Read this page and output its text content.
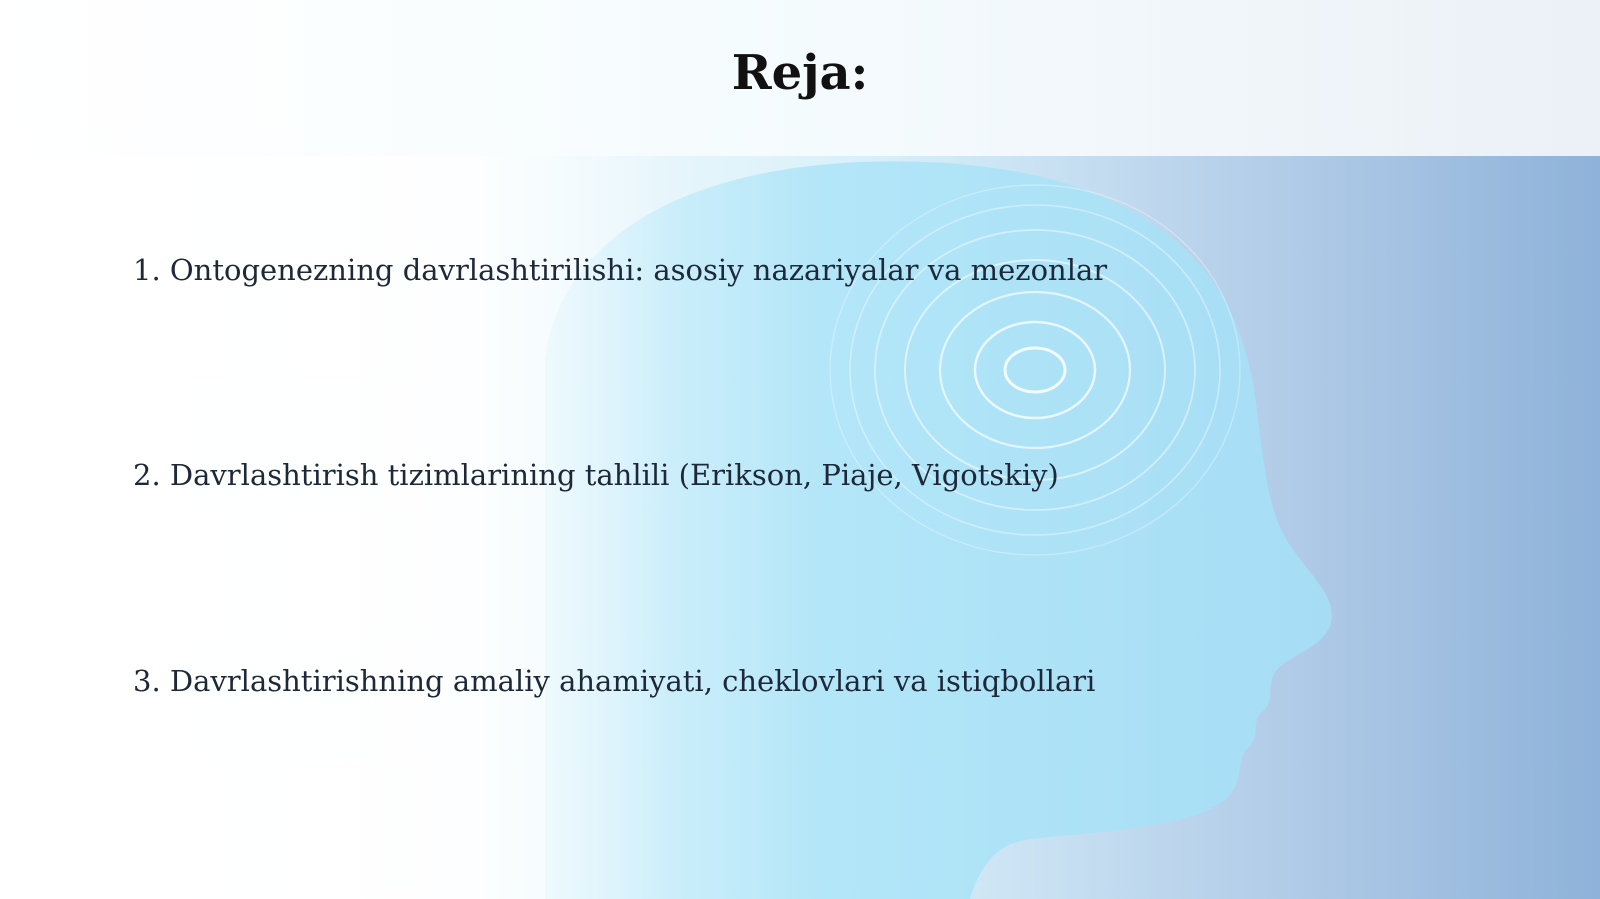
Reja:

1. Ontogenezning davrlashtirilishi: asosiy nazariyalar va mezonlar

2. Davrlashtirish tizimlarining tahlili (Erikson, Piaje, Vigotskiy)

3. Davrlashtirishning amaliy ahamiyati, cheklovlari va istiqbollari
